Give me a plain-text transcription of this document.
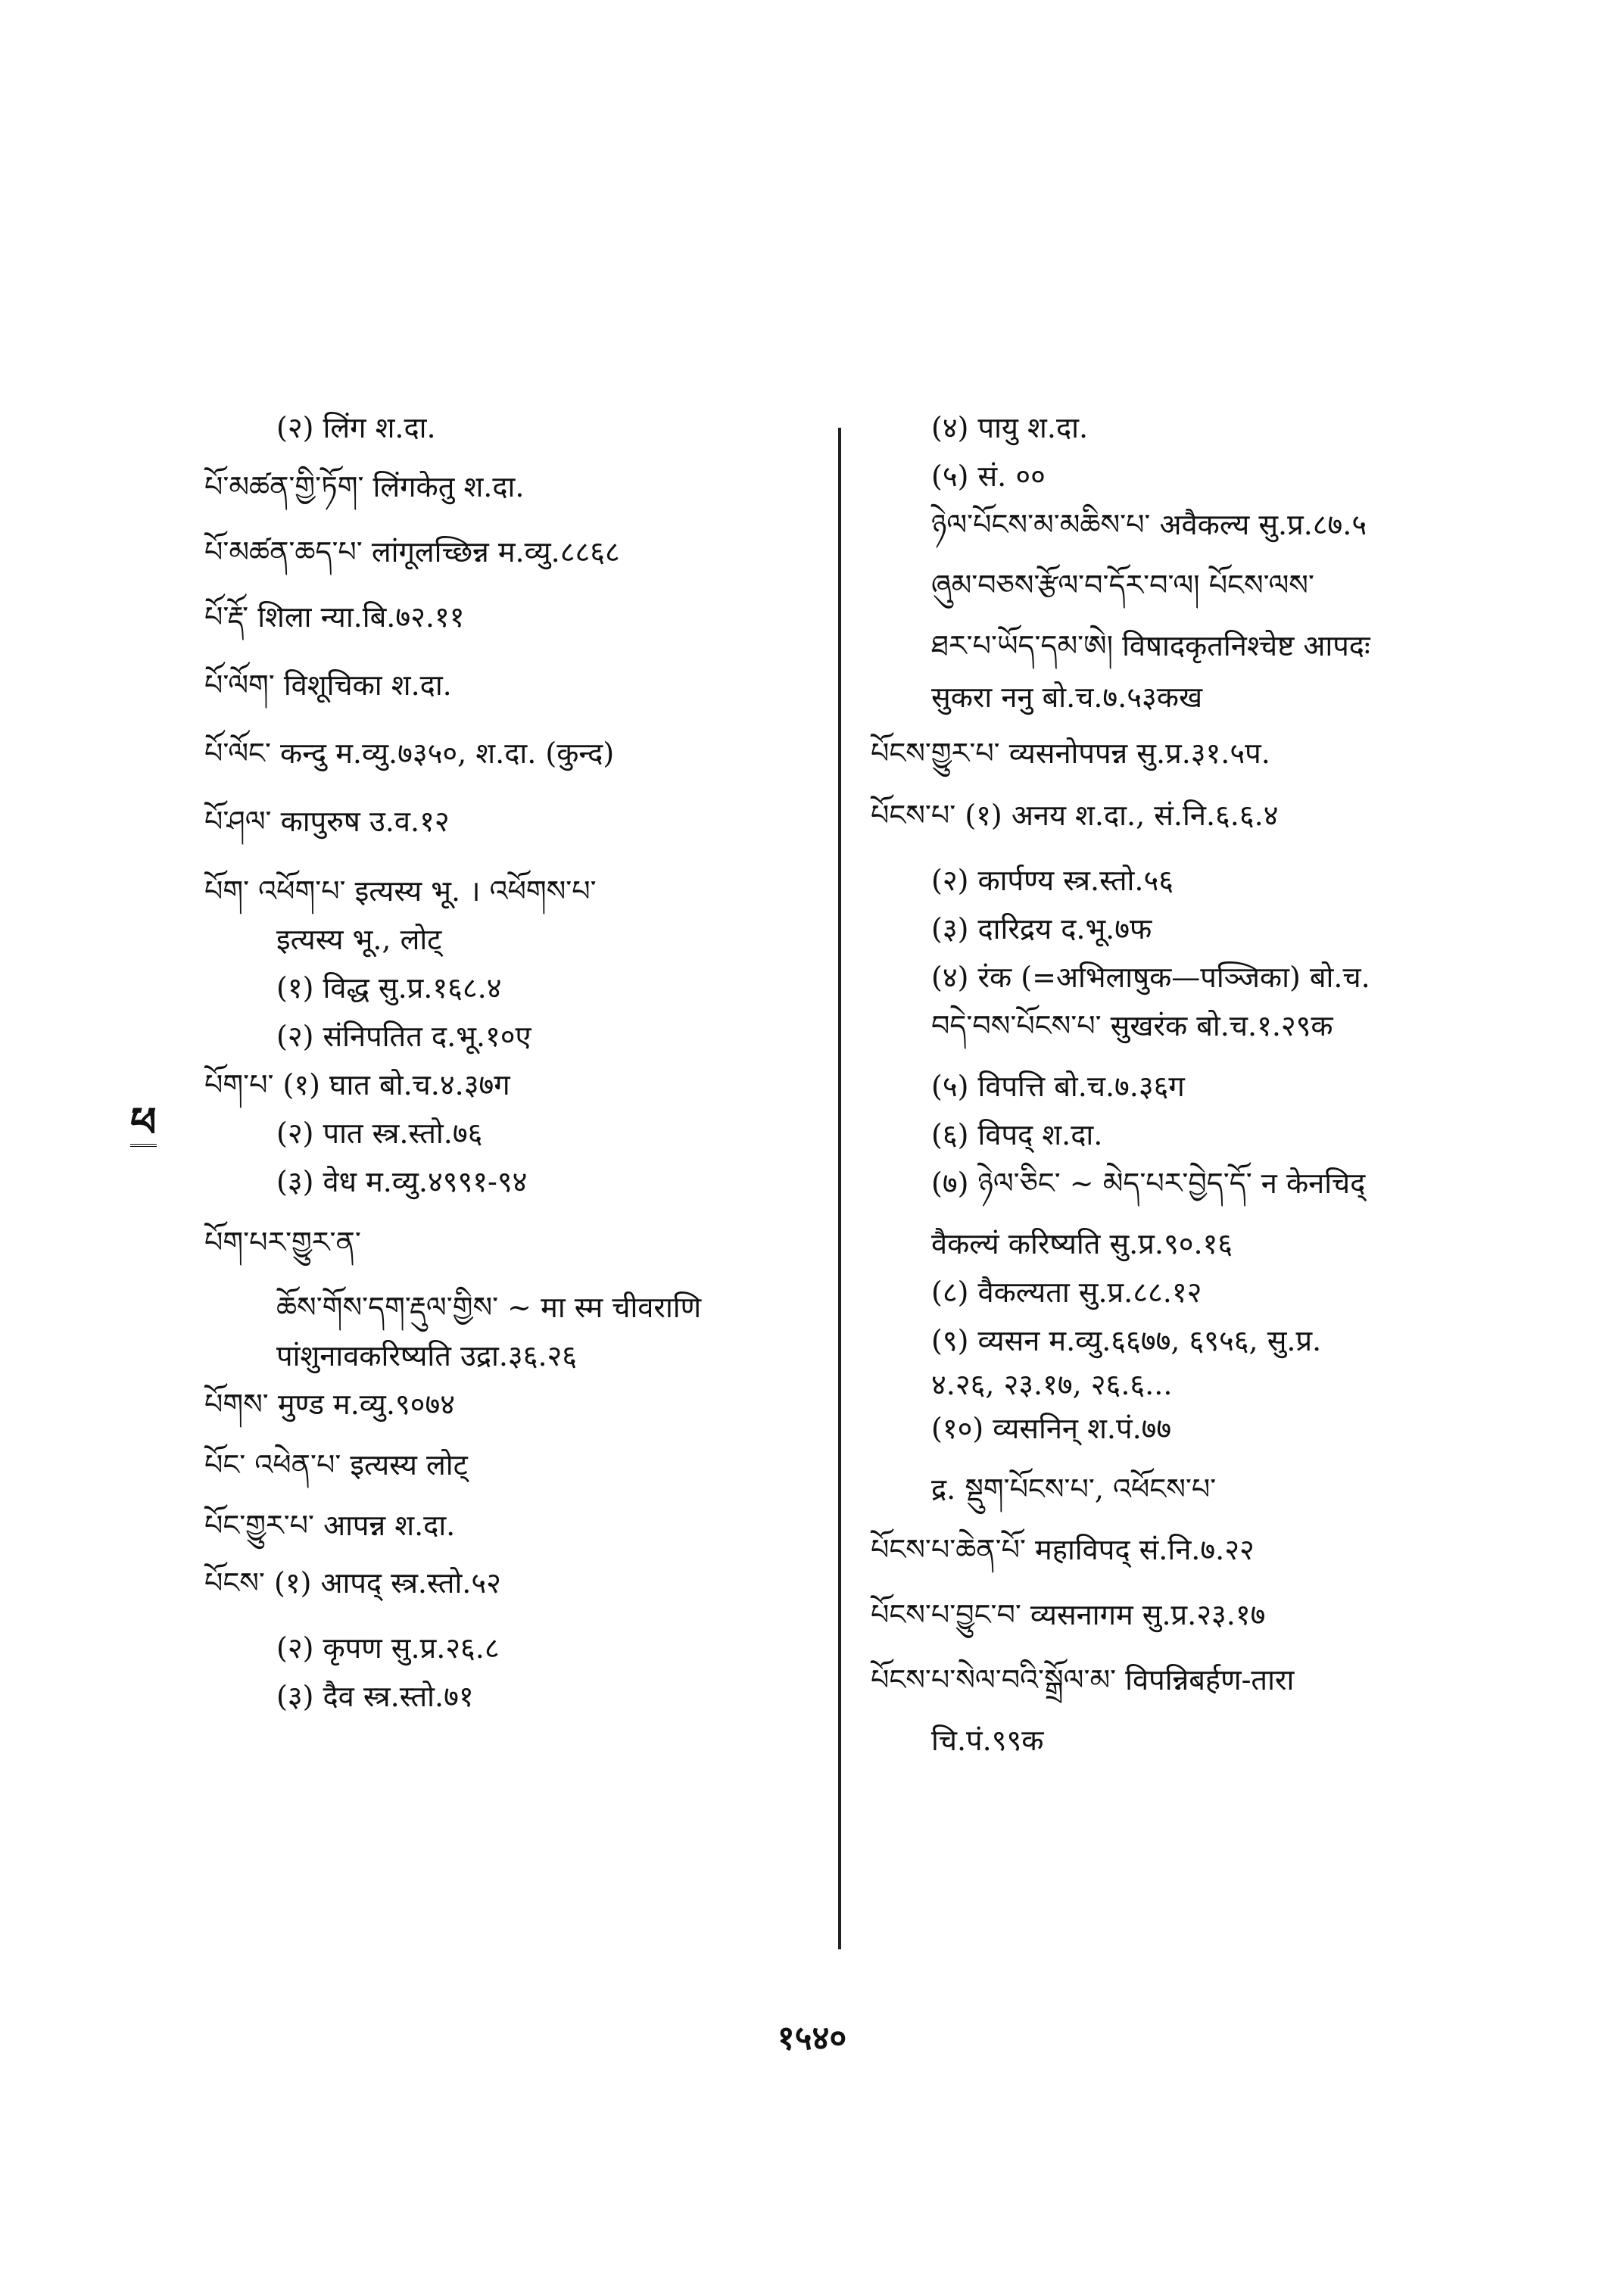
(२) लिंग श.दा.
པོ་མཚན་གྱི་ཏོག་ लिंगकेतु श.दा.
པོ་མཚན་ཆད་པ་ लांगूलच्छिन्न म.व्यु.८८६८
པོ་རྡོ་ शिला न्या.बि.७२.११
པོ་ལོག་ विशूचिका श.दा.
པོ་ལོང་ कन्दु म.व्यु.७३५०, श.दा. (कुन्द)
པོ་ཤལ་ कापुरुष उ.व.१२
པོག་ འཕོག་པ་ इत्यस्य भू. । འཕོགས་པ་
इत्यस्य भू., लोट्
(१) विद्ध सु.प्र.१६८.४
(२) संनिपतित द.भू.१०ए
པོག་པ་ (१) घात बो.च.४.३७ग
(२) पात स्त्र.स्तो.७६
(३) वेध म.व्यु.४९९१-९४
པོག་པར་གྱུར་ན་
ཆོས་གོས་དག་རྡུལ་གྱིས་ ~ मा स्म चीवराणि
पांशुनावकरिष्यति उद्रा.३६.२६
པོགས་ मुण्ड म.व्यु.९०७४
པོང་ འཕེན་པ་ इत्यस्य लोट्
པོང་གྱུར་པ་ आपन्न श.दा.
པོངས་ (१) आपद् स्त्र.स्तो.५२
(२) कृपण सु.प्र.२६.८
(३) दैव स्त्र.स्तो.७१
(४) पायु श.दा.
(५) सं. ००
ཉེལ་པོངས་མ་མཆིས་པ་ अवैकल्य सु.प्र.८७.५
ཞུམ་བཅས་རྩོལ་བ་དོར་བ་ལ། པོངས་ལས་
ཐར་པ་ཡོད་དམ་ཨེ། विषादकृतनिश्चेष्ट आपदः
सुकरा ननु बो.च.७.५३कख
པོངས་གྱུར་པ་ व्यसनोपपन्न सु.प्र.३१.५प.
པོངས་པ་ (१) अनय श.दा., सं.नि.६.६.४
(२) कार्पण्य स्त्र.स्तो.५६
(३) दारिद्रय द.भू.७फ
(४) रंक (=अभिलाषुक—पञ्जिका) बो.च.
བདེ་བས་པོངས་པ་ सुखरंक बो.च.१.२९क
(५) विपत्ति बो.च.७.३६ग
(६) विपद् श.दा.
(७) ཉེལ་ཅིང་ ~ མེད་པར་བྱེད་དོ་ न केनचिद्
वैकल्यं करिष्यति सु.प्र.९०.१६
(८) वैकल्यता सु.प्र.८८.१२
(९) व्यसन म.व्यु.६६७७, ६९५६, सु.प्र.
४.२६, २३.१७, २६.६...
(१०) व्यसनिन् श.पं.७७
द्र. སྡུག་པོངས་པ་, འཕོངས་པ་
པོངས་པ་ཆེན་པོ་ महाविपद् सं.नि.७.२२
པོངས་པ་བྱུང་བ་ व्यसनागम सु.प्र.२३.१७
པོངས་པ་སེལ་བའི་སྒྲོལ་མ་ विपन्निबर्हण-तारा
चि.पं.९९क
ཕ
१५४०
